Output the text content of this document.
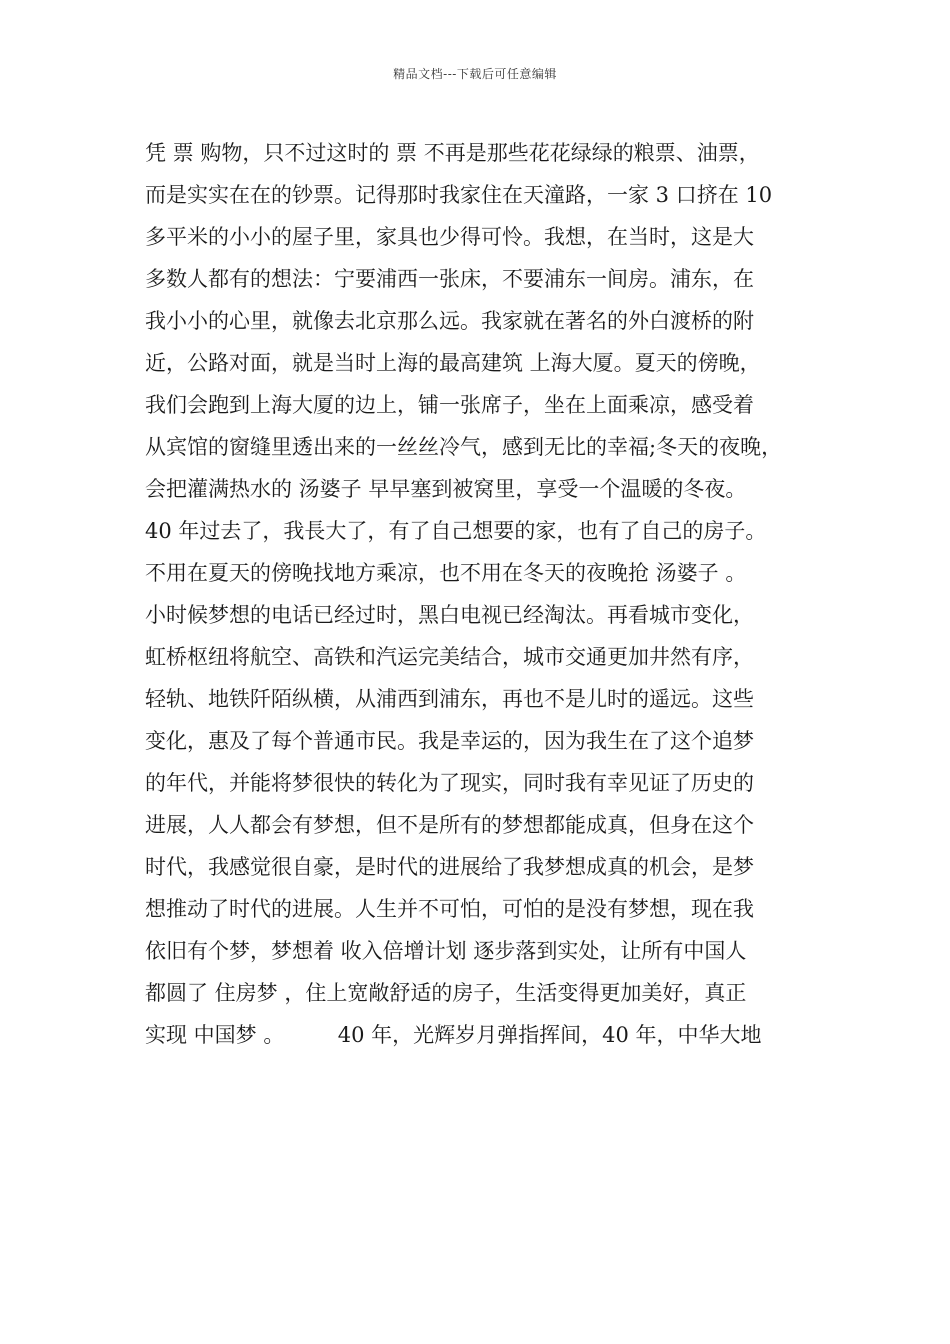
精品文档---下载后可任意编辑
凭 票 购物，只不过这时的 票 不再是那些花花绿绿的粮票、油票，
而是实实在在的钞票。记得那时我家住在天潼路，一家 3 口挤在 10
多平米的小小的屋子里，家具也少得可怜。我想，在当时，这是大
多数人都有的想法：宁要浦西一张床，不要浦东一间房。浦东，在
我小小的心里，就像去北京那么远。我家就在著名的外白渡桥的附
近，公路对面，就是当时上海的最高建筑 上海大厦。夏天的傍晚，
我们会跑到上海大厦的边上，铺一张席子，坐在上面乘凉，感受着
从宾馆的窗缝里透出来的一丝丝冷气，感到无比的幸福;冬天的夜晚，
会把灌满热水的 汤婆子 早早塞到被窝里，享受一个温暖的冬夜。
40 年过去了，我長大了，有了自己想要的家，也有了自己的房子。
不用在夏天的傍晚找地方乘凉，也不用在冬天的夜晚抢 汤婆子 。
小时候梦想的电话已经过时，黑白电视已经淘汰。再看城市变化，
虹桥枢纽将航空、高铁和汽运完美结合，城市交通更加井然有序，
轻轨、地铁阡陌纵横，从浦西到浦东，再也不是儿时的遥远。这些
变化，惠及了每个普通市民。我是幸运的，因为我生在了这个追梦
的年代，并能将梦很快的转化为了现实，同时我有幸见证了历史的
进展，人人都会有梦想，但不是所有的梦想都能成真，但身在这个
时代，我感觉很自豪，是时代的进展给了我梦想成真的机会，是梦
想推动了时代的进展。人生并不可怕，可怕的是没有梦想，现在我
依旧有个梦，梦想着 收入倍增计划 逐步落到实处，让所有中国人
都圆了 住房梦 ，住上宽敞舒适的房子，生活变得更加美好，真正
实现 中国梦 。        40 年，光辉岁月弹指挥间，40 年，中华大地
